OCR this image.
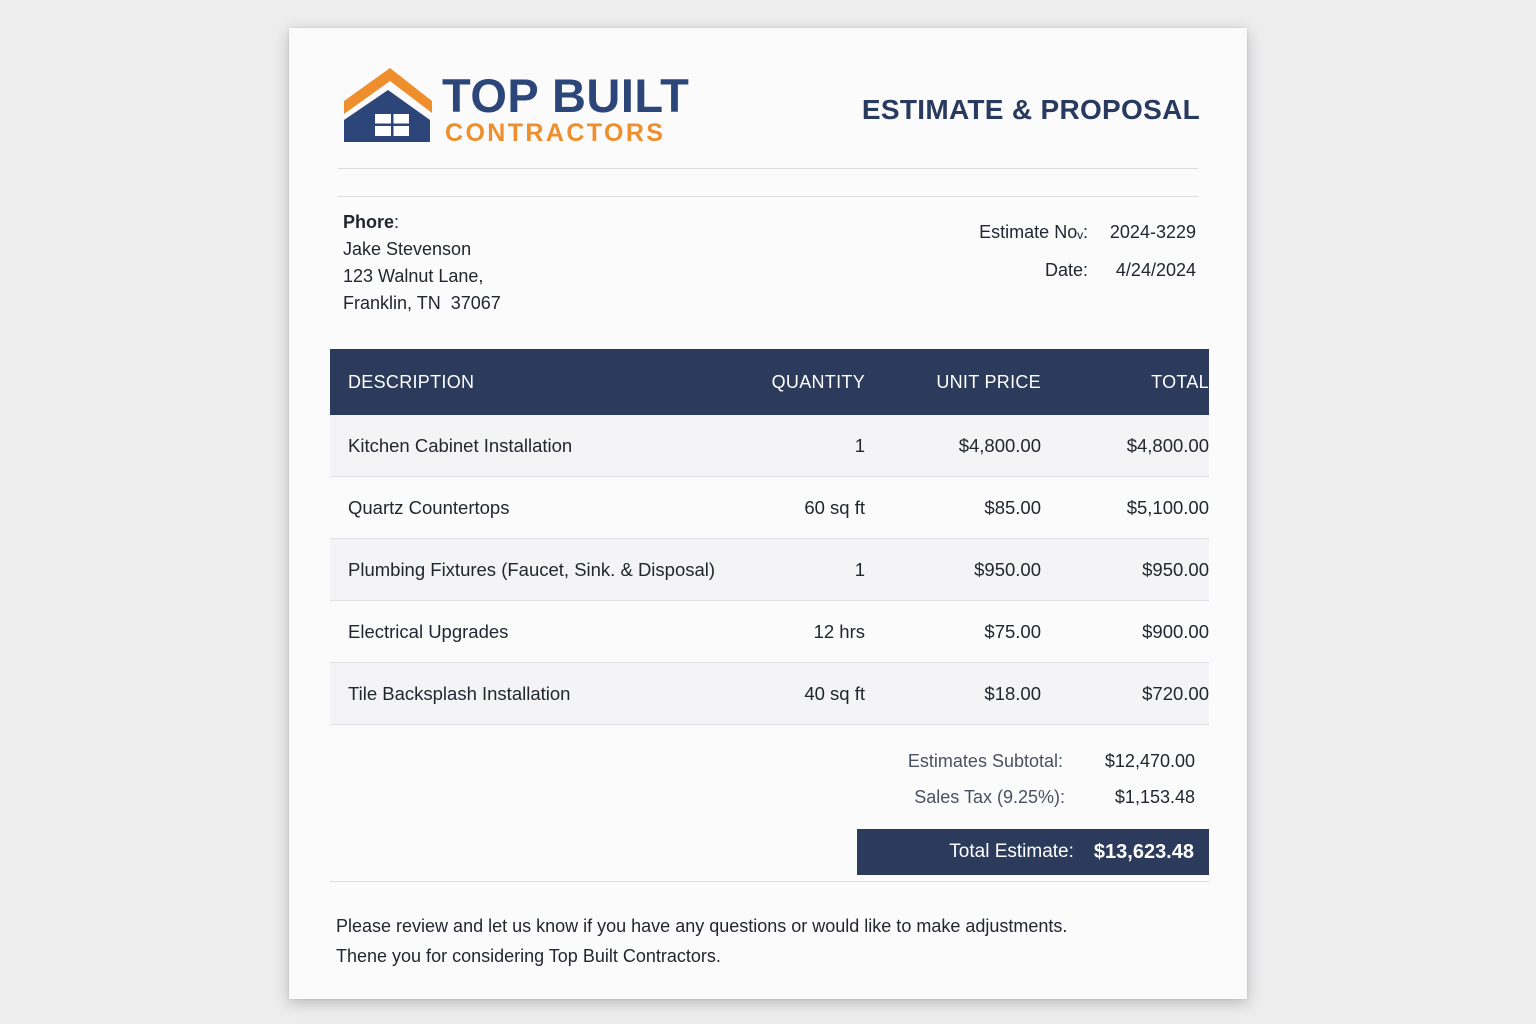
TOP BUILT
CONTRACTORS
ESTIMATE & PROPOSAL
Phore:
Jake Stevenson
123 Walnut Lane,
Franklin, TN  37067
Estimate Noᵥ:	2024-3229
Date:	4/24/2024
DESCRIPTION	QUANTITY	UNIT PRICE	TOTAL
Kitchen Cabinet Installation	1	$4,800.00	$4,800.00
Quartz Countertops	60 sq ft	$85.00	$5,100.00
Plumbing Fixtures (Faucet, Sink. & Disposal)	1	$950.00	$950.00
Electrical Upgrades	12 hrs	$75.00	$900.00
Tile Backsplash Installation	40 sq ft	$18.00	$720.00
Estimates Subtotal:	$12,470.00
Sales Tax (9.25%):	$1,153.48
Total Estimate: $13,623.48
Please review and let us know if you have any questions or would like to make adjustments.
Thene you for considering Top Built Contractors.
